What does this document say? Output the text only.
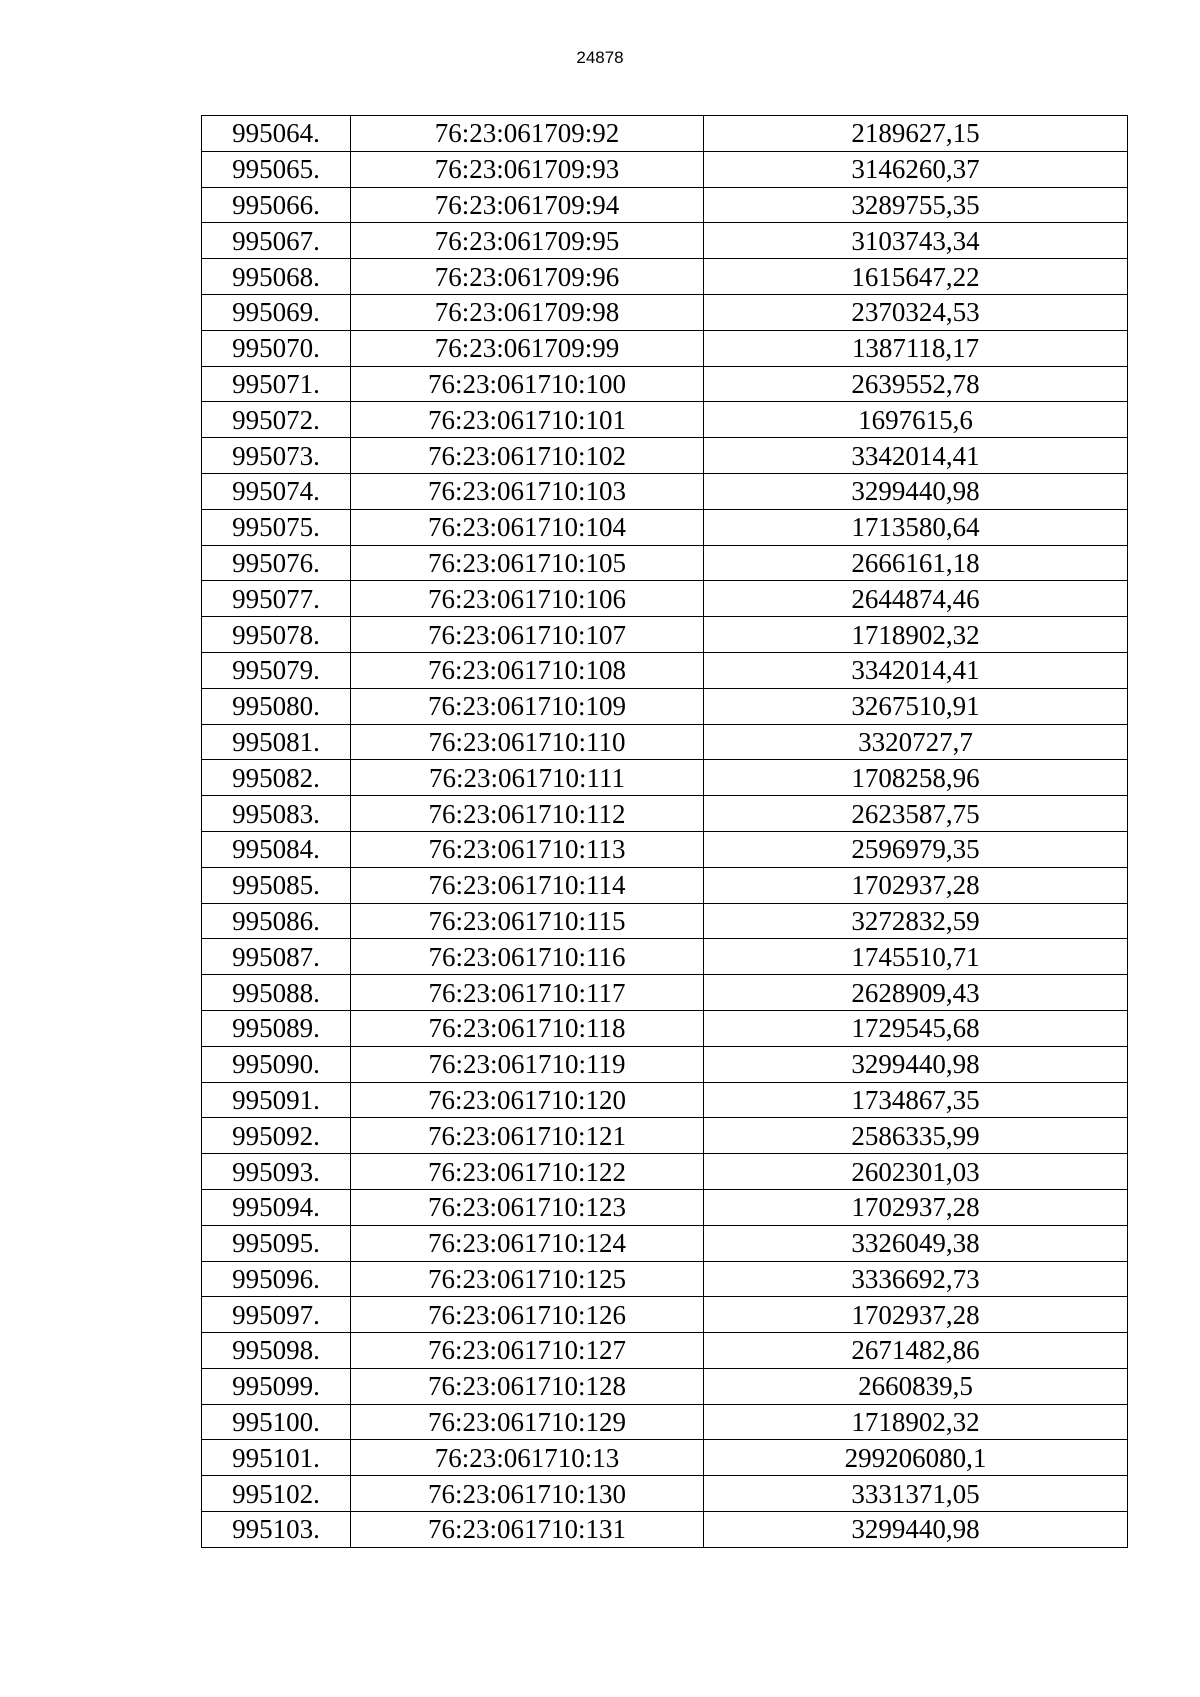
24878
995064.	76:23:061709:92	2189627,15
995065.	76:23:061709:93	3146260,37
995066.	76:23:061709:94	3289755,35
995067.	76:23:061709:95	3103743,34
995068.	76:23:061709:96	1615647,22
995069.	76:23:061709:98	2370324,53
995070.	76:23:061709:99	1387118,17
995071.	76:23:061710:100	2639552,78
995072.	76:23:061710:101	1697615,6
995073.	76:23:061710:102	3342014,41
995074.	76:23:061710:103	3299440,98
995075.	76:23:061710:104	1713580,64
995076.	76:23:061710:105	2666161,18
995077.	76:23:061710:106	2644874,46
995078.	76:23:061710:107	1718902,32
995079.	76:23:061710:108	3342014,41
995080.	76:23:061710:109	3267510,91
995081.	76:23:061710:110	3320727,7
995082.	76:23:061710:111	1708258,96
995083.	76:23:061710:112	2623587,75
995084.	76:23:061710:113	2596979,35
995085.	76:23:061710:114	1702937,28
995086.	76:23:061710:115	3272832,59
995087.	76:23:061710:116	1745510,71
995088.	76:23:061710:117	2628909,43
995089.	76:23:061710:118	1729545,68
995090.	76:23:061710:119	3299440,98
995091.	76:23:061710:120	1734867,35
995092.	76:23:061710:121	2586335,99
995093.	76:23:061710:122	2602301,03
995094.	76:23:061710:123	1702937,28
995095.	76:23:061710:124	3326049,38
995096.	76:23:061710:125	3336692,73
995097.	76:23:061710:126	1702937,28
995098.	76:23:061710:127	2671482,86
995099.	76:23:061710:128	2660839,5
995100.	76:23:061710:129	1718902,32
995101.	76:23:061710:13	299206080,1
995102.	76:23:061710:130	3331371,05
995103.	76:23:061710:131	3299440,98
